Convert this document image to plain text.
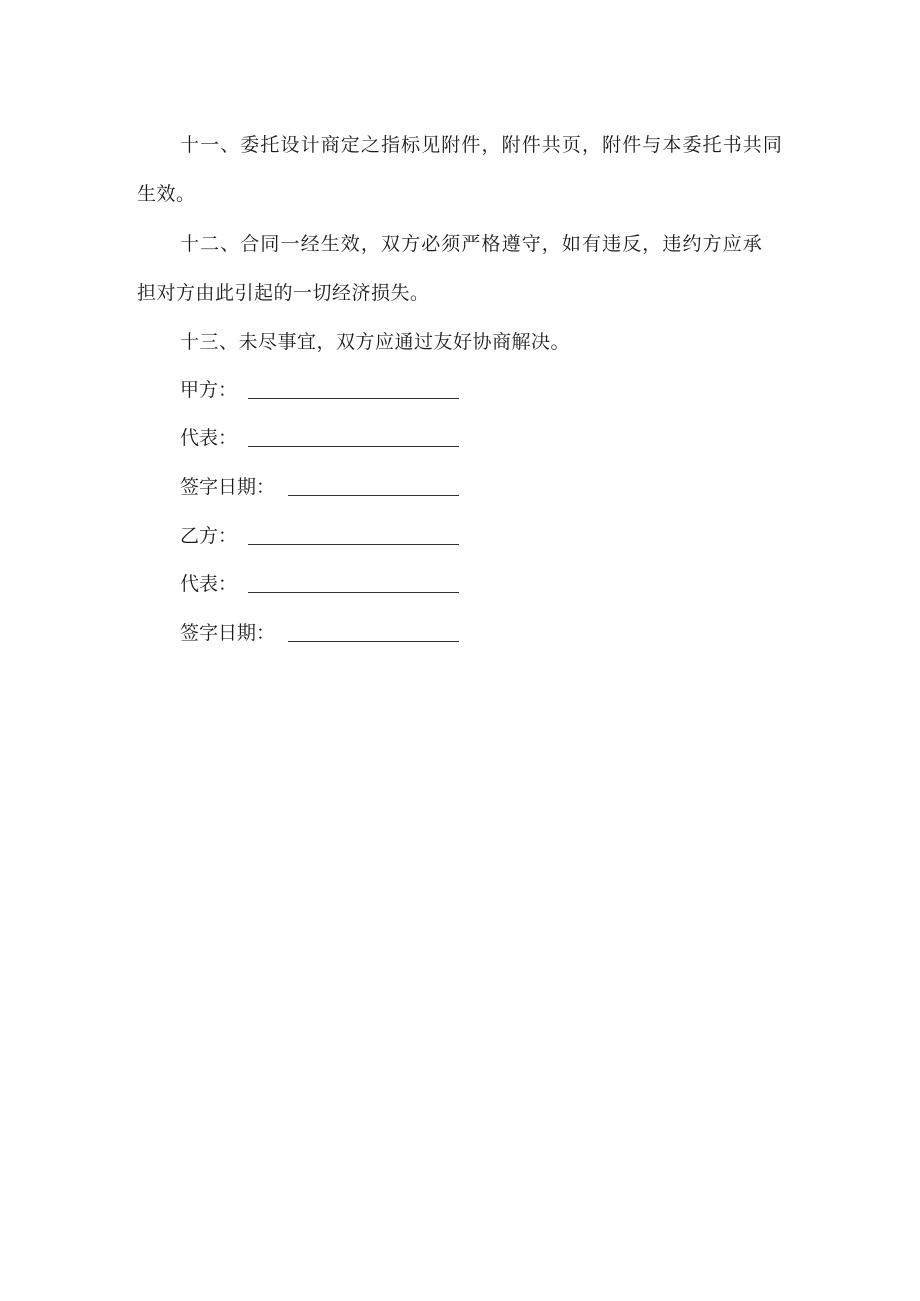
十一、委托设计商定之指标见附件，附件共页，附件与本委托书共同
生效。
十二、合同一经生效，双方必须严格遵守，如有违反，违约方应承
担对方由此引起的一切经济损失。
十三、未尽事宜，双方应通过友好协商解决。
甲方：
代表：
签字日期：
乙方：
代表：
签字日期：
